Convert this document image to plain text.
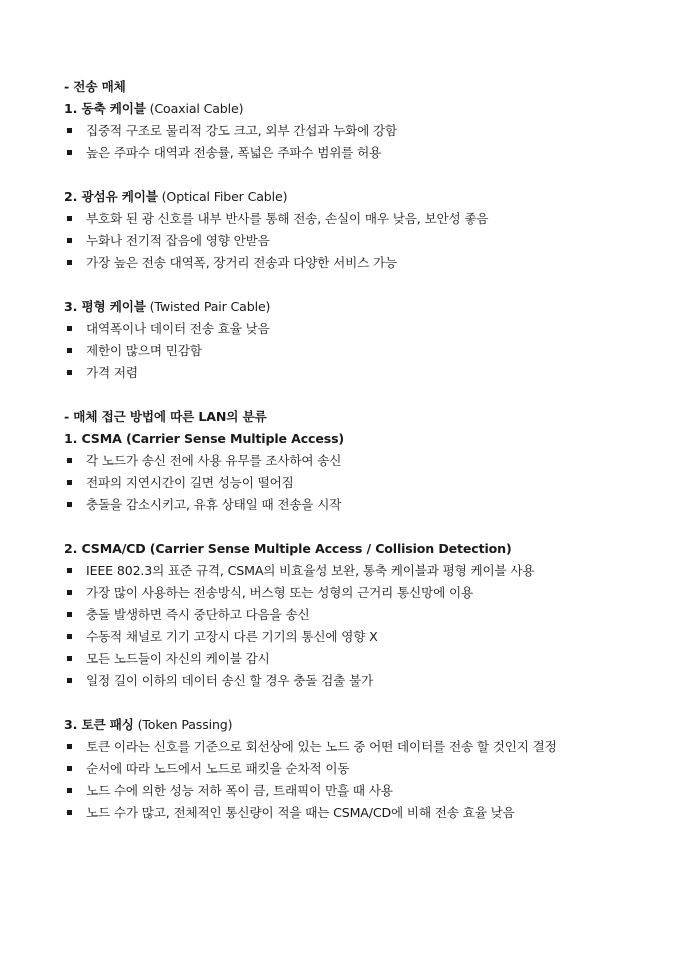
- 전송 매체
1. 동축 케이블 (Coaxial Cable)
집중적 구조로 물리적 강도 크고, 외부 간섭과 누화에 강함
높은 주파수 대역과 전송률, 폭넓은 주파수 범위를 허용
2. 광섬유 케이블 (Optical Fiber Cable)
부호화 된 광 신호를 내부 반사를 통해 전송, 손실이 매우 낮음, 보안성 좋음
누화나 전기적 잡음에 영향 안받음
가장 높은 전송 대역폭, 장거리 전송과 다양한 서비스 가능
3. 평형 케이블 (Twisted Pair Cable)
대역폭이나 데이터 전송 효율 낮음
제한이 많으며 민감함
가격 저렴
- 매체 접근 방법에 따른 LAN의 분류
1. CSMA (Carrier Sense Multiple Access)
각 노드가 송신 전에 사용 유무를 조사하여 송신
전파의 지연시간이 길면 성능이 떨어짐
충돌을 감소시키고, 유휴 상태일 때 전송을 시작
2. CSMA/CD (Carrier Sense Multiple Access / Collision Detection)
IEEE 802.3의 표준 규격, CSMA의 비효율성 보완, 통축 케이블과 평형 케이블 사용
가장 많이 사용하는 전송방식, 버스형 또는 성형의 근거리 통신망에 이용
충돌 발생하면 즉시 중단하고 다음을 송신
수동적 채널로 기기 고장시 다른 기기의 통신에 영향 X
모든 노드들이 자신의 케이블 감시
일정 길이 이하의 데이터 송신 할 경우 충돌 검출 불가
3. 토큰 패싱 (Token Passing)
토큰 이라는 신호를 기준으로 회선상에 있는 노드 중 어떤 데이터를 전송 할 것인지 결정
순서에 따라 노드에서 노드로 패킷을 순차적 이동
노드 수에 의한 성능 저하 폭이 큼, 트래픽이 만흘 때 사용
노드 수가 많고, 전체적인 통신량이 적을 때는 CSMA/CD에 비해 전송 효율 낮음
